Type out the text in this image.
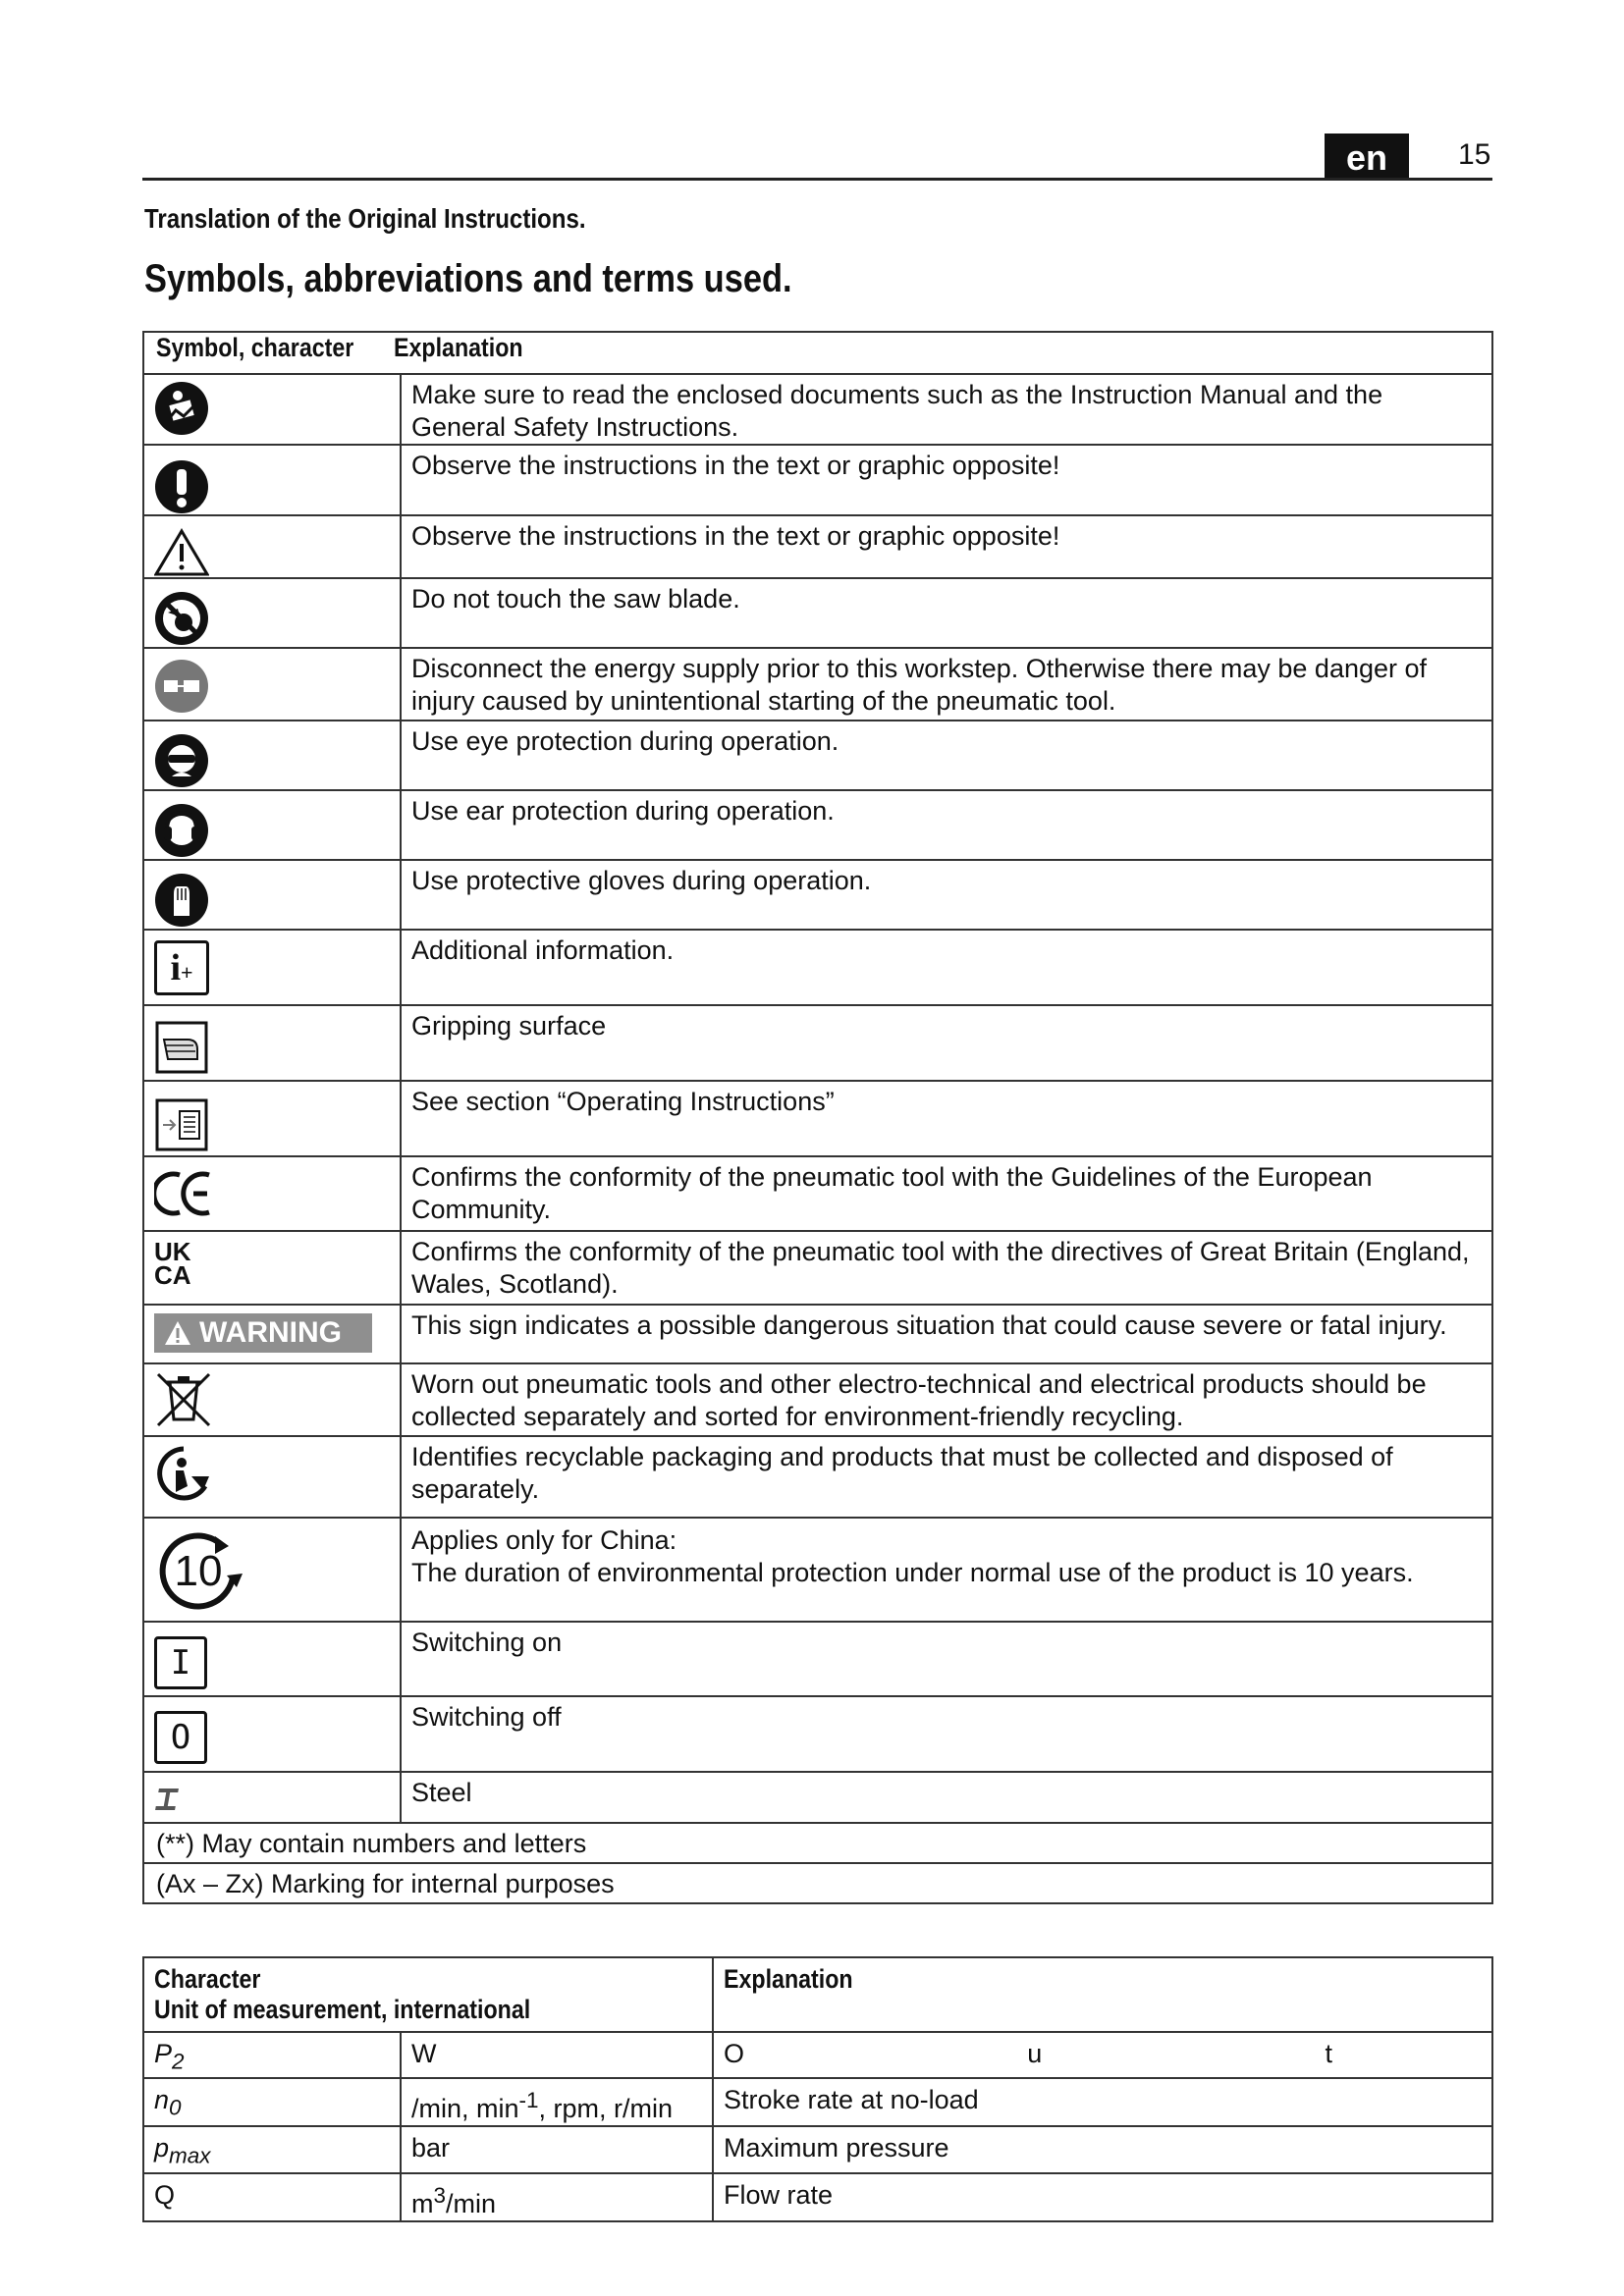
en	15
Translation of the Original Instructions.
Symbols, abbreviations and terms used.
Symbol, character Explanation	

	Make sure to read the enclosed documents such as the Instruction Manual and the General Safety Instructions.

	Observe the instructions in the text or graphic opposite!

	Observe the instructions in the text or graphic opposite!

	Do not touch the saw blade.

	Disconnect the energy supply prior to this workstep. Otherwise there may be danger of injury caused by unintentional starting of the pneumatic tool.

	Use eye protection during operation.

	Use ear protection during operation.

	Use protective gloves during operation.

i+	Additional information.

	Gripping surface

	See section “Operating Instructions”

	Confirms the conformity of the pneumatic tool with the Guidelines of the European Community.

UK CA	Confirms the conformity of the pneumatic tool with the directives of Great Britain (England, Wales, Scotland).

WARNING	This sign indicates a possible dangerous situation that could cause severe or fatal injury.

	Worn out pneumatic tools and other electro-technical and electrical products should be collected separately and sorted for environment-friendly recycling.

	Identifies recyclable packaging and products that must be collected and disposed of separately.

10	Applies only for China:
The duration of environmental protection under normal use of the product is 10 years.

I	Switching on

O	Switching off

	Steel
(**) May contain numbers and letters	
(Ax – Zx) Marking for internal purposes	
Character Unit of measurement, international		Explanation
$P_2$	W	O u t

$n_0$	/min, $\min^{-1}$, rpm, r/min	Stroke rate at no-load
$p_{max}$	bar	Maximum pressure
Q	$m^3/\min$	Flow rate
